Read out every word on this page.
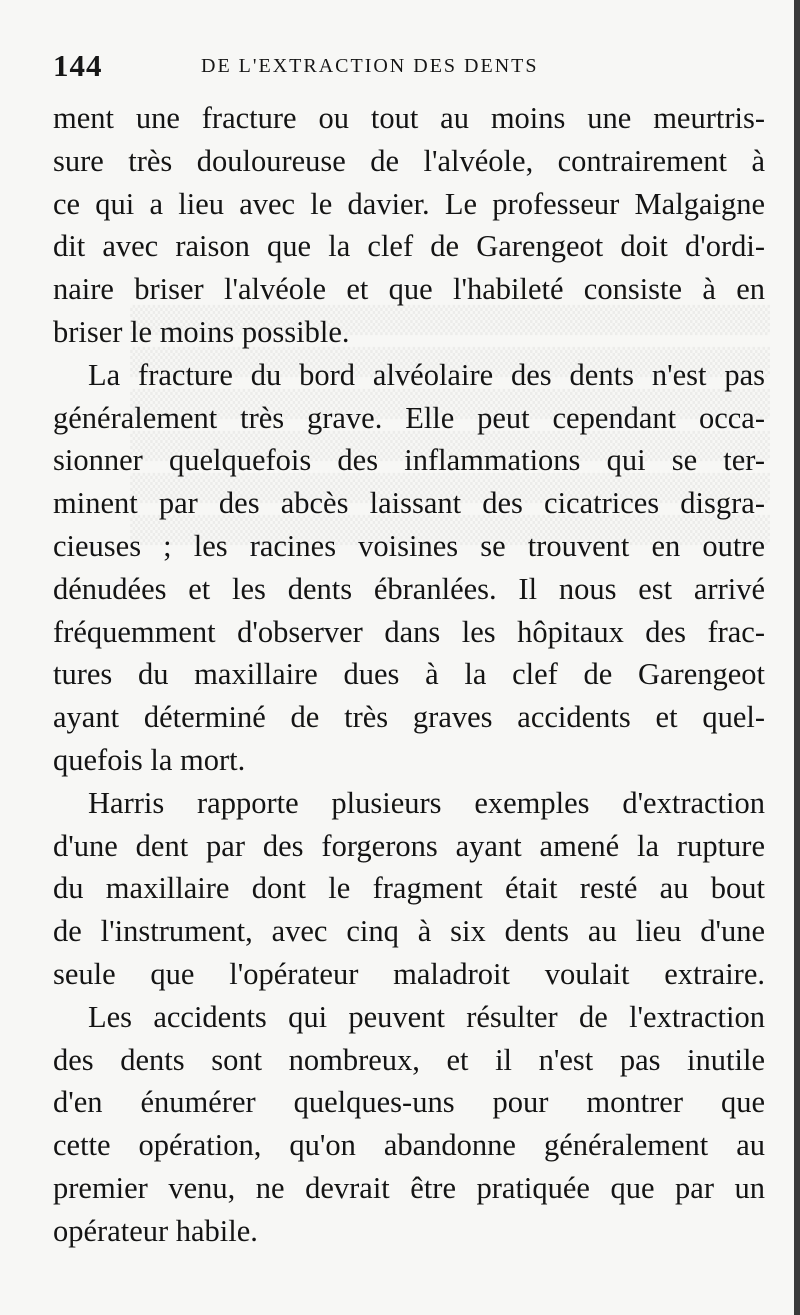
144	DE L'EXTRACTION DES DENTS
ment une fracture ou tout au moins une meurtris-
sure très douloureuse de l'alvéole, contrairement à
ce qui a lieu avec le davier. Le professeur Malgaigne
dit avec raison que la clef de Garengeot doit d'ordi-
naire briser l'alvéole et que l'habileté consiste à en
briser le moins possible.
La fracture du bord alvéolaire des dents n'est pas
généralement très grave. Elle peut cependant occa-
sionner quelquefois des inflammations qui se ter-
minent par des abcès laissant des cicatrices disgra-
cieuses ; les racines voisines se trouvent en outre
dénudées et les dents ébranlées. Il nous est arrivé
fréquemment d'observer dans les hôpitaux des frac-
tures du maxillaire dues à la clef de Garengeot
ayant déterminé de très graves accidents et quel-
quefois la mort.
Harris rapporte plusieurs exemples d'extraction
d'une dent par des forgerons ayant amené la rupture
du maxillaire dont le fragment était resté au bout
de l'instrument, avec cinq à six dents au lieu d'une
seule que l'opérateur maladroit voulait extraire.
Les accidents qui peuvent résulter de l'extraction
des dents sont nombreux, et il n'est pas inutile
d'en énumérer quelques-uns pour montrer que
cette opération, qu'on abandonne généralement au
premier venu, ne devrait être pratiquée que par un
opérateur habile.
